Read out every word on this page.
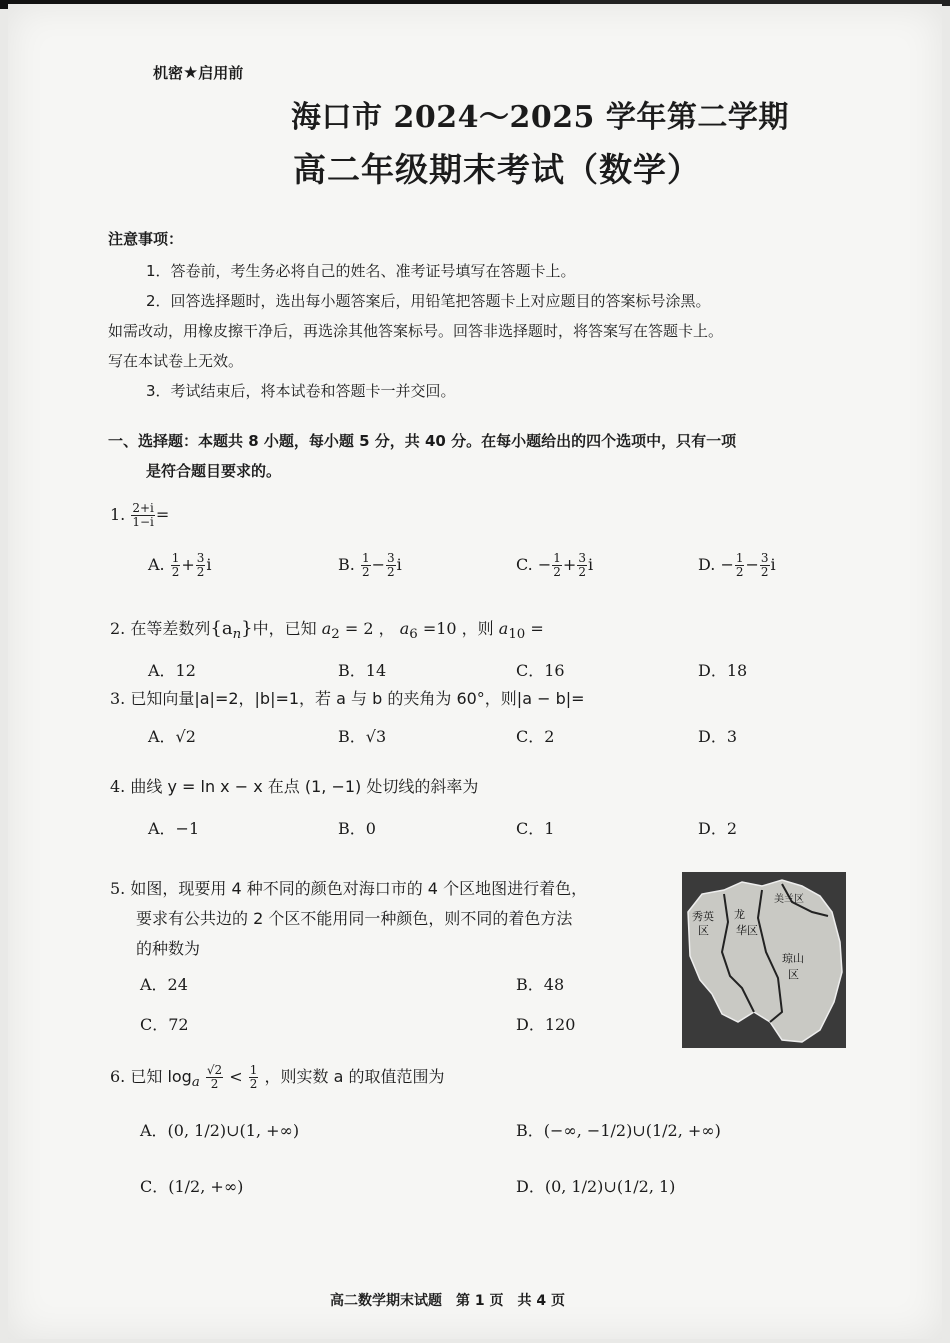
机密★启用前
海口市 2024～2025 学年第二学期
高二年级期末考试（数学）
注意事项：
1．答卷前，考生务必将自己的姓名、准考证号填写在答题卡上。
2．回答选择题时，选出每小题答案后，用铅笔把答题卡上对应题目的答案标号涂黑。
如需改动，用橡皮擦干净后，再选涂其他答案标号。回答非选择题时，将答案写在答题卡上。
写在本试卷上无效。
3．考试结束后，将本试卷和答题卡一并交回。
一、选择题：本题共 8 小题，每小题 5 分，共 40 分。在每小题给出的四个选项中，只有一项
是符合题目要求的。
1. $\frac{2+i}{1-i}$ =
A. $\frac{1}{2} + \frac{3}{2}$ i	B. $\frac{1}{2} - \frac{3}{2}$ i	C. − $\frac{1}{2} + \frac{3}{2}$ i	D. − $\frac{1}{2} - \frac{3}{2}$ i
2. 在等差数列$\{a_n\}$中，已知 $a_2 = 2$ ， $a_6 =10$ ，则 $a_{10}$ =
A．12	B．14	C．16	D．18
3. 已知向量|a|=2，|b|=1，若 a 与 b 的夹角为 60°，则|a − b|=
A．√2	B．√3	C．2	D．3
4. 曲线 y = ln x − x 在点 (1, −1) 处切线的斜率为
A．−1	B．0	C．1	D．2
5. 如图，现要用 4 种不同的颜色对海口市的 4 个区地图进行着色，
要求有公共边的 2 个区不能用同一种颜色，则不同的着色方法
的种数为
A．24	B．48
C．72	D．120
秀英
区
龙
华区
美兰区
琼山
区
6. 已知 $\log_a \frac{√2}{2} < \frac{1}{2}$ ，则实数 a 的取值范围为
A．(0, 1/2)∪(1, +∞)	B．(−∞, −1/2)∪(1/2, +∞)
C．(1/2, +∞)	D．(0, 1/2)∪(1/2, 1)
高二数学期末试题　第 1 页　共 4 页
